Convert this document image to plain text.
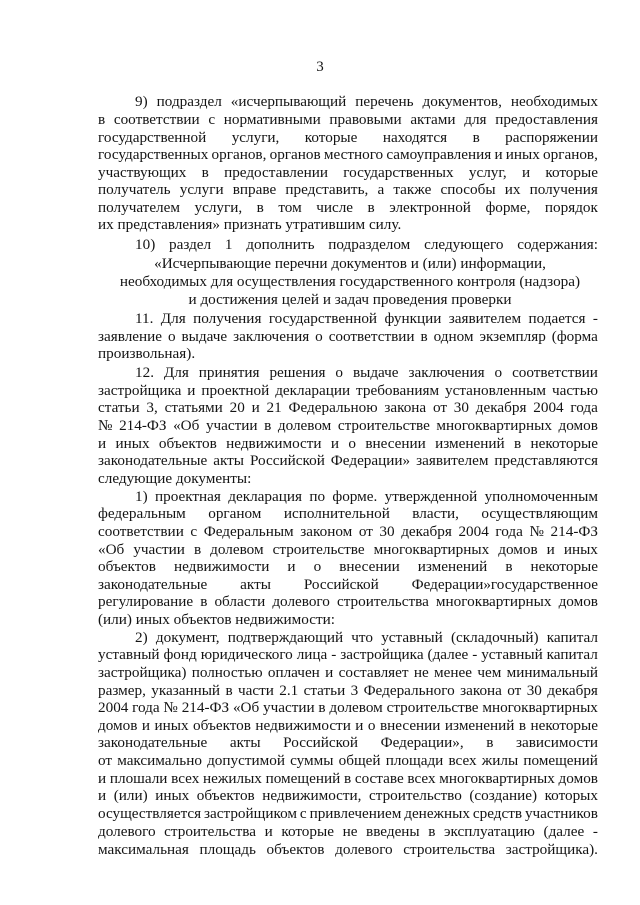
3
9) подраздел «исчерпывающий перечень документов, необходимых
в соответствии с нормативными правовыми актами для предоставления
государственной услуги, которые находятся в распоряжении
государственных органов, органов местного самоуправления и иных органов,
участвующих в предоставлении государственных услуг, и которые
получатель услуги вправе представить, а также способы их получения
получателем услуги, в том числе в электронной форме, порядок
их представления» признать утратившим силу.
10) раздел 1 дополнить подразделом следующего содержания:
«Исчерпывающие перечни документов и (или) информации,
необходимых для осуществления государственного контроля (надзора)
и достижения целей и задач проведения проверки
11. Для получения государственной функции заявителем подается -
заявление о выдаче заключения о соответствии в одном экземпляр (форма
произвольная).
12. Для принятия решения о выдаче заключения о соответствии
застройщика и проектной декларации требованиям установленным частью
статьи 3, статьями 20 и 21 Федеральною закона от 30 декабря 2004 года
№ 214-ФЗ «Об участии в долевом строительстве многоквартирных домов
и иных объектов недвижимости и о внесении изменений в некоторые
законодательные акты Российской Федерации» заявителем представляются
следующие документы:
1) проектная декларация по форме. утвержденной уполномоченным
федеральным органом исполнительной власти, осуществляющим
соответствии с Федеральным законом от 30 декабря 2004 года № 214-ФЗ
«Об участии в долевом строительстве многоквартирных домов и иных
объектов недвижимости и о внесении изменений в некоторые
законодательные акты Российской Федерации»государственное
регулирование в области долевого строительства многоквартирных домов
(или) иных объектов недвижимости:
2) документ, подтверждающий что уставный (складочный) капитал
уставный фонд юридического лица - застройщика (далее - уставный капитал
застройщика) полностью оплачен и составляет не менее чем минимальный
размер, указанный в части 2.1 статьи 3 Федерального закона от 30 декабря
2004 года № 214-ФЗ «Об участии в долевом строительстве многоквартирных
домов и иных объектов недвижимости и о внесении изменений в некоторые
законодательные акты Российской Федерации», в зависимости
от максимально допустимой суммы общей площади всех жилы помещений
и плошали всех нежилых помещений в составе всех многоквартирных домов
и (или) иных объектов недвижимости, строительство (создание) которых
осуществляется застройщиком с привлечением денежных средств участников
долевого строительства и которые не введены в эксплуатацию (далее -
максимальная площадь объектов долевого строительства застройщика).
